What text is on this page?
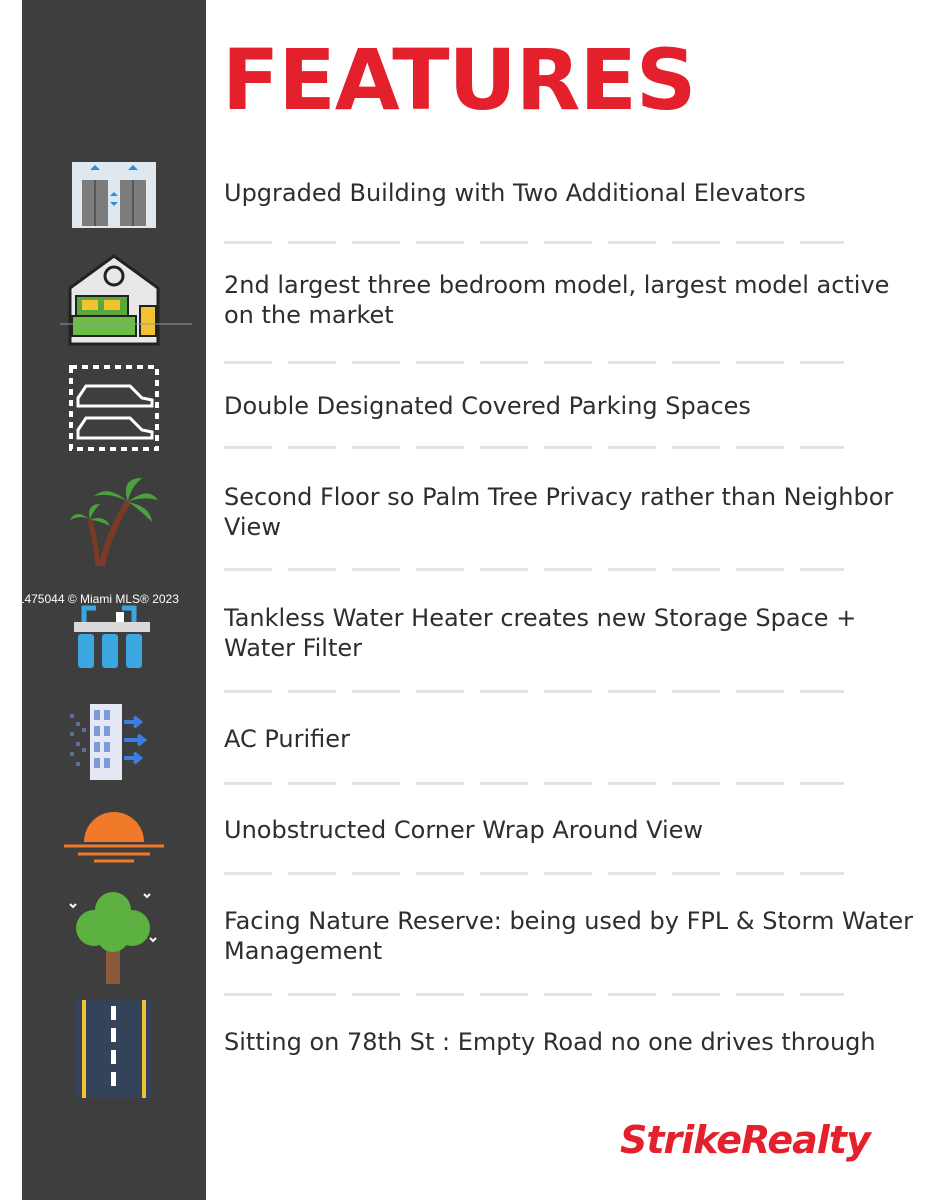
FEATURES

Upgraded Building with Two Additional Elevators

2nd largest three bedroom model, largest model active on the market

Double Designated Covered Parking Spaces

Second Floor so Palm Tree Privacy rather than Neighbor View

Tankless Water Heater creates new Storage Space + Water Filter

AC Purifier

Unobstructed Corner Wrap Around View

Facing Nature Reserve: being used by FPL & Storm Water Management

Sitting on 78th St : Empty Road no one drives through

A11475044 © Miami MLS® 2023
StrikeRealty
